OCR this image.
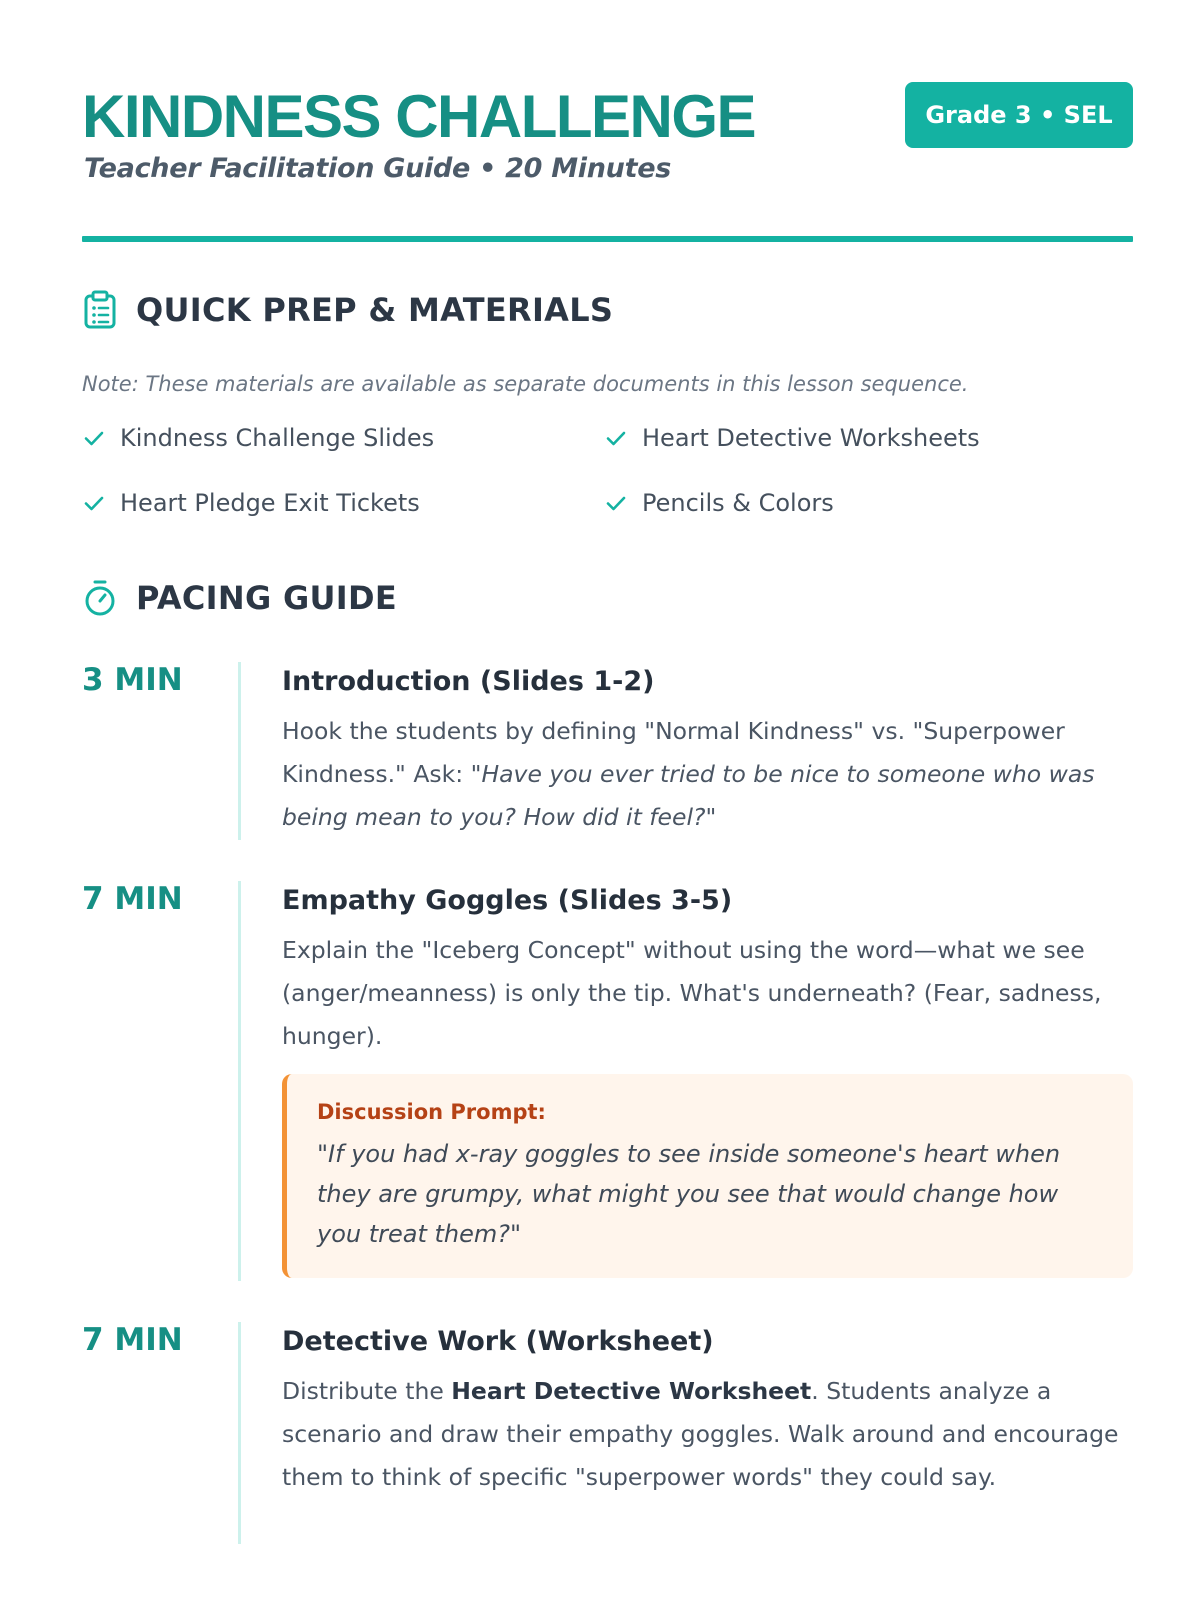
KINDNESS CHALLENGE
Teacher Facilitation Guide • 20 Minutes
Grade 3 • SEL
QUICK PREP & MATERIALS
Note: These materials are available as separate documents in this lesson sequence.
Kindness Challenge Slides	Heart Detective Worksheets
Heart Pledge Exit Tickets	Pencils & Colors
PACING GUIDE
3 MIN	Introduction (Slides 1-2)
Hook the students by defining "Normal Kindness" vs. "Superpower Kindness." Ask: "Have you ever tried to be nice to someone who was being mean to you? How did it feel?"
7 MIN	Empathy Goggles (Slides 3-5)
Explain the "Iceberg Concept" without using the word—what we see (anger/meanness) is only the tip. What's underneath? (Fear, sadness, hunger).
Discussion Prompt:
"If you had x-ray goggles to see inside someone's heart when they are grumpy, what might you see that would change how you treat them?"
7 MIN	Detective Work (Worksheet)
Distribute the Heart Detective Worksheet. Students analyze a scenario and draw their empathy goggles. Walk around and encourage them to think of specific "superpower words" they could say.
